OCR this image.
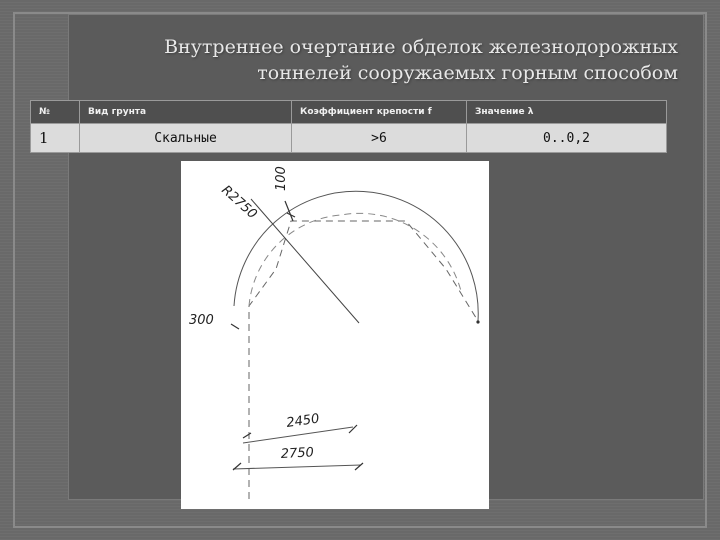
Внутреннее очертание обделок железнодорожных
тоннелей сооружаемых горным способом
№	Вид грунта	Коэффициент крепости f	Значение λ
1	Скальные	>6	0..0,2
100
R2750
300
2450
2750
